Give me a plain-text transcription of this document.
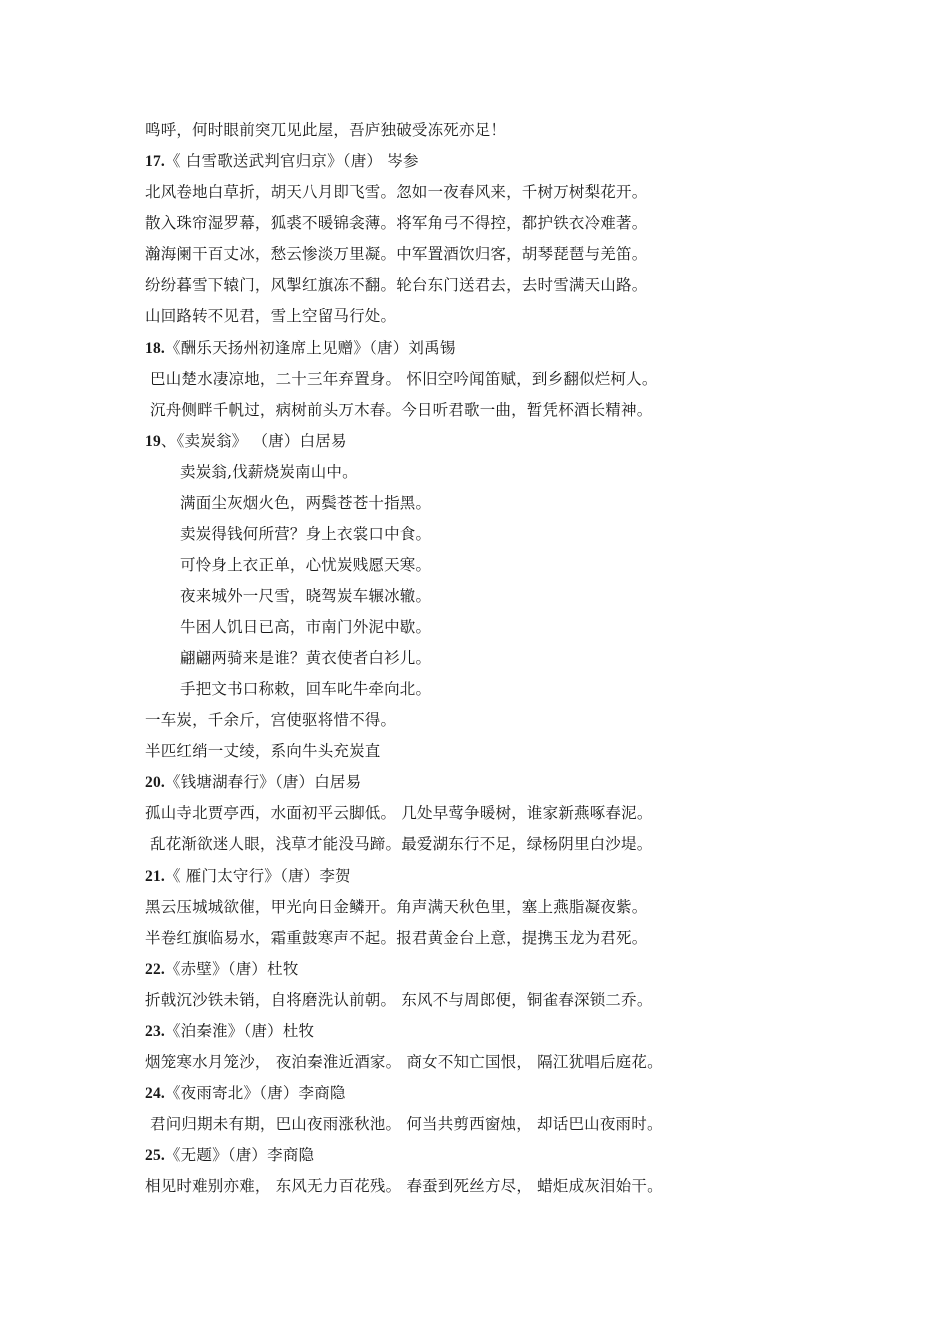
鸣呼，何时眼前突兀见此屋，吾庐独破受冻死亦足！
17.《 白雪歌送武判官归京》（唐） 岑参
北风卷地白草折，胡天八月即飞雪。忽如一夜春风来，千树万树梨花开。
散入珠帘湿罗幕，狐裘不暖锦衾薄。将军角弓不得控，都护铁衣冷难著。
瀚海阑干百丈冰，愁云惨淡万里凝。中军置酒饮归客，胡琴琵琶与羌笛。
纷纷暮雪下辕门，风掣红旗冻不翻。轮台东门送君去，去时雪满天山路。
山回路转不见君，雪上空留马行处。
18.《酬乐天扬州初逢席上见赠》（唐）刘禹锡
巴山楚水凄凉地，二十三年弃置身。 怀旧空吟闻笛赋，到乡翻似烂柯人。
沉舟侧畔千帆过，病树前头万木春。今日听君歌一曲，暂凭杯酒长精神。
19、《卖炭翁》 （唐）白居易
卖炭翁,伐薪烧炭南山中。
满面尘灰烟火色，两鬓苍苍十指黑。
卖炭得钱何所营？身上衣裳口中食。
可怜身上衣正单，心忧炭贱愿天寒。
夜来城外一尺雪，晓驾炭车辗冰辙。
牛困人饥日已高，市南门外泥中歇。
翩翩两骑来是谁？黄衣使者白衫儿。
手把文书口称敕，回车叱牛牵向北。
一车炭，千余斤，宫使驱将惜不得。
半匹红绡一丈绫，系向牛头充炭直
20.《钱塘湖春行》（唐）白居易
孤山寺北贾亭西，水面初平云脚低。 几处早莺争暖树，谁家新燕啄春泥。
乱花渐欲迷人眼，浅草才能没马蹄。最爱湖东行不足，绿杨阴里白沙堤。
21.《 雁门太守行》（唐）李贺
黑云压城城欲催，甲光向日金鳞开。角声满天秋色里，塞上燕脂凝夜紫。
半卷红旗临易水，霜重鼓寒声不起。报君黄金台上意，提携玉龙为君死。
22.《赤壁》（唐）杜牧
折戟沉沙铁未销，自将磨洗认前朝。 东风不与周郎便，铜雀春深锁二乔。
23.《泊秦淮》（唐）杜牧
烟笼寒水月笼沙， 夜泊秦淮近酒家。 商女不知亡国恨， 隔江犹唱后庭花。
24.《夜雨寄北》（唐）李商隐
君问归期未有期，巴山夜雨涨秋池。 何当共剪西窗烛， 却话巴山夜雨时。
25.《无题》（唐）李商隐
相见时难别亦难， 东风无力百花残。 春蚕到死丝方尽， 蜡炬成灰泪始干。
